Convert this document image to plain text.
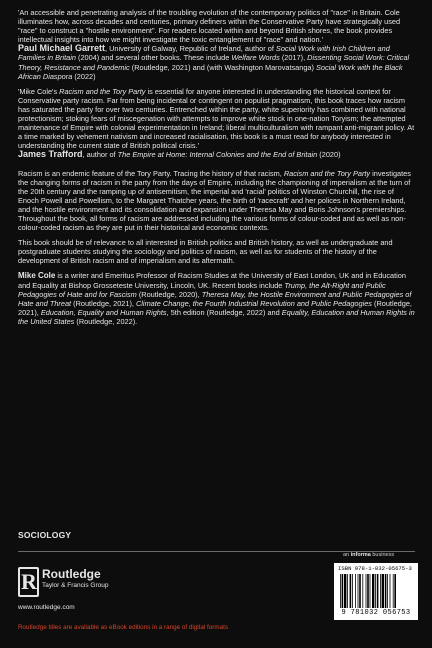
'An accessible and penetrating analysis of the troubling evolution of the contemporary politics of "race" in Britain. Cole illuminates how, across decades and centuries, primary definers within the Conservative Party have strategically used "race" to construct a "hostile environment". For readers located within and beyond British shores, the book provides intellectual insights into how we might investigate the toxic entanglement of "race" and nation.'

Paul Michael Garrett, University of Galway, Republic of Ireland, author of Social Work with Irish Children and Families in Britain (2004) and several other books. These include Welfare Words (2017), Dissenting Social Work: Critical Theory, Resistance and Pandemic (Routledge, 2021) and (with Washington Marovatsanga) Social Work with the Black African Diaspora (2022)

'Mike Cole's Racism and the Tory Party is essential for anyone interested in understanding the historical context for Conservative party racism. Far from being incidental or contingent on populist pragmatism, this book traces how racism has saturated the party for over two centuries. Entrenched within the party, white superiority has combined with national protectionism; stoking fears of miscegenation with attempts to improve white stock in one-nation Toryism; the attempted maintenance of Empire with colonial experimentation in Ireland; liberal multiculturalism with rampant anti-migrant policy. At a time marked by vehement nativism and increased racialisation, this book is a must read for anybody interested in understanding the current state of British political crisis.'

James Trafford, author of The Empire at Home: Internal Colonies and the End of Britain (2020)

Racism is an endemic feature of the Tory Party. Tracing the history of that racism, Racism and the Tory Party investigates the changing forms of racism in the party from the days of Empire, including the championing of imperialism at the turn of the 20th century and the ramping up of antisemitism, the imperial and 'racial' politics of Winston Churchill, the rise of Enoch Powell and Powellism, to the Margaret Thatcher years, the birth of 'racecraft' and her polices in Northern Ireland, and the hostile environment and its consolidation and expansion under Theresa May and Boris Johnson's premierships. Throughout the book, all forms of racism are addressed including the various forms of colour-coded and as well as non-colour-coded racism as they are put in their historical and economic contexts.

This book should be of relevance to all interested in British politics and British history, as well as undergraduate and postgraduate students studying the sociology and politics of racism, as well as for students of the history of the development of British racism and of imperialism and its aftermath.

Mike Cole is a writer and Emeritus Professor of Racism Studies at the University of East London, UK and in Education and Equality at Bishop Grosseteste University, Lincoln, UK. Recent books include Trump, the Alt-Right and Public Pedagogies of Hate and for Fascism (Routledge, 2020), Theresa May, the Hostile Environment and Public Pedagogies of Hate and Threat (Routledge, 2021), Climate Change, the Fourth Industrial Revolution and Public Pedagogies (Routledge, 2021), Education, Equality and Human Rights, 5th edition (Routledge, 2022) and Equality, Education and Human Rights in the United States (Routledge, 2022).

SOCIOLOGY
an informa business
R Routledge
Taylor & Francis Group
www.routledge.com
ISBN 978-1-032-05675-3
9 781032 056753
Routledge titles are available as eBook editions in a range of digital formats
